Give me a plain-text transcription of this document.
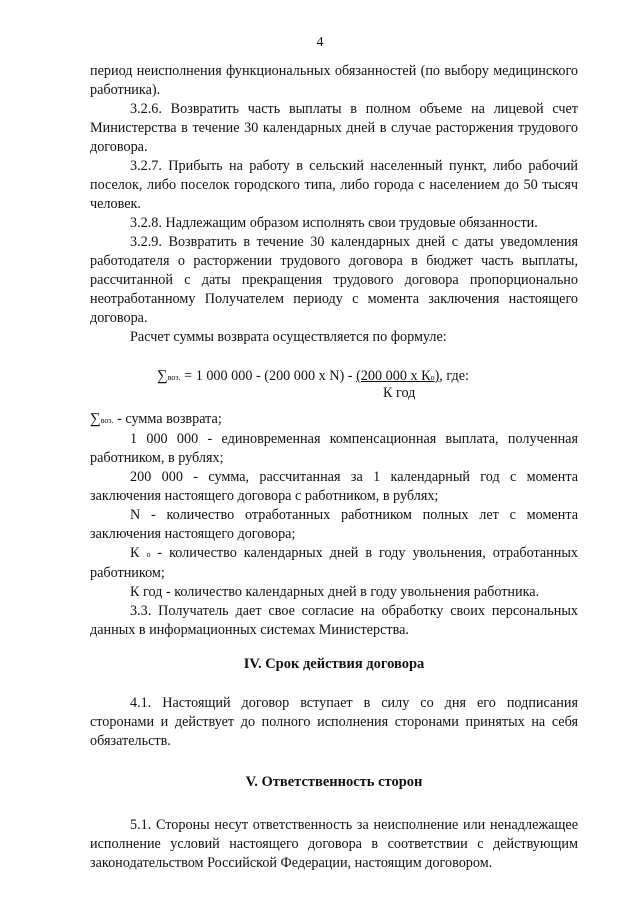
4

период неисполнения функциональных обязанностей (по выбору медицинского работника).

3.2.6. Возвратить часть выплаты в полном объеме на лицевой счет Министерства в течение 30 календарных дней в случае расторжения трудового договора.

3.2.7. Прибыть на работу в сельский населенный пункт, либо рабочий поселок, либо поселок городского типа, либо города с населением до 50 тысяч человек.

3.2.8. Надлежащим образом исполнять свои трудовые обязанности.

3.2.9. Возвратить в течение 30 календарных дней с даты уведомления работодателя о расторжении трудового договора в бюджет часть выплаты, рассчитанной с даты прекращения трудового договора пропорционально неотработанному Получателем периоду с момента заключения настоящего договора.

Расчет суммы возврата осуществляется по формуле:

∑воз. = 1 000 000 - (200 000 х N) - (200 000 х Ко), где:
К год

∑воз. - сумма возврата;

1 000 000 - единовременная компенсационная выплата, полученная работником, в рублях;

200 000 - сумма, рассчитанная за 1 календарный год с момента заключения настоящего договора с работником, в рублях;

N - количество отработанных работником полных лет с момента заключения настоящего договора;

К о - количество календарных дней в году увольнения, отработанных работником;

К год - количество календарных дней в году увольнения работника.

3.3. Получатель дает свое согласие на обработку своих персональных данных в информационных системах Министерства.

IV. Срок действия договора

4.1. Настоящий договор вступает в силу со дня его подписания сторонами и действует до полного исполнения сторонами принятых на себя обязательств.

V. Ответственность сторон

5.1. Стороны несут ответственность за неисполнение или ненадлежащее исполнение условий настоящего договора в соответствии с действующим законодательством Российской Федерации, настоящим договором.
